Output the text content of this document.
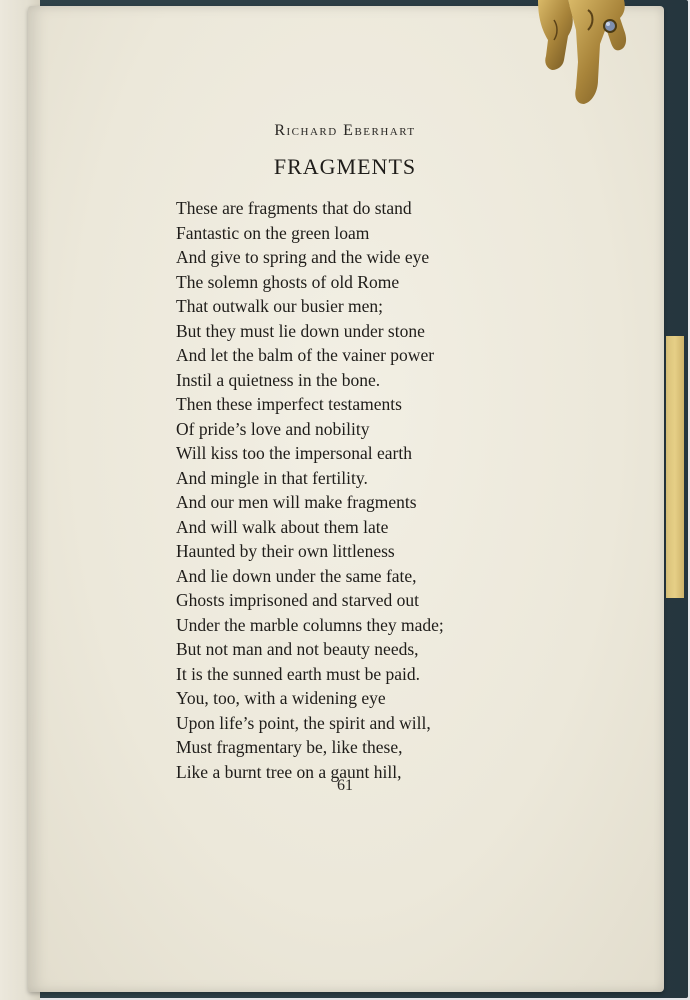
Richard Eberhart
FRAGMENTS
These are fragments that do stand
Fantastic on the green loam
And give to spring and the wide eye
The solemn ghosts of old Rome
That outwalk our busier men;
But they must lie down under stone
And let the balm of the vainer power
Instil a quietness in the bone.
Then these imperfect testaments
Of pride’s love and nobility
Will kiss too the impersonal earth
And mingle in that fertility.
And our men will make fragments
And will walk about them late
Haunted by their own littleness
And lie down under the same fate,
Ghosts imprisoned and starved out
Under the marble columns they made;
But not man and not beauty needs,
It is the sunned earth must be paid.
You, too, with a widening eye
Upon life’s point, the spirit and will,
Must fragmentary be, like these,
Like a burnt tree on a gaunt hill,
61
